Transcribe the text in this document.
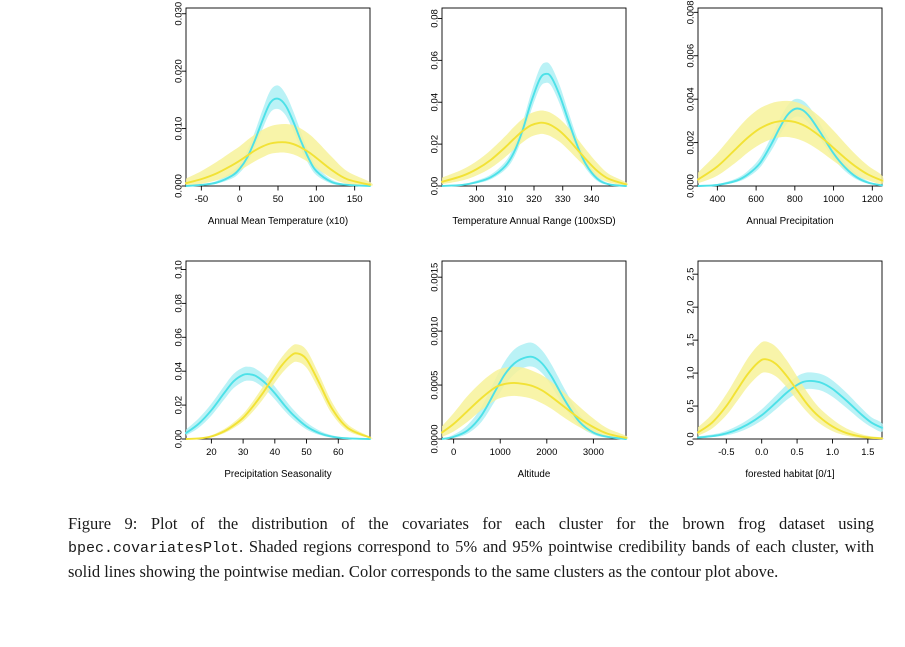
-50	0	50	100 150
0.000
0.010
0.020
0.030
Annual Mean Temperature (x10)
300 310 320 330 340
0.00
0.02
0.04
0.06
0.08
Temperature Annual Range (100xSD)
400 600 800 1000 1200
0.000
0.002
0.004
0.006
0.008
Annual Precipitation
20 30 40 50 60
0.00
0.02
0.04
0.06
0.08
0.10
Precipitation Seasonality
0	1000	2000	3000
0.0000
0.0005
0.0010
0.0015
Altitude
-0.5 0.0 0.5 1.0 1.5
0.0
0.5
1.0
1.5
2.0
2.5
forested habitat [0/1]
Figure 9: Plot of the distribution of the covariates for each cluster for the brown frog dataset using bpec.covariatesPlot. Shaded regions correspond to 5% and 95% pointwise credibility bands of each cluster, with solid lines showing the pointwise median. Color corresponds to the same clusters as the contour plot above.
